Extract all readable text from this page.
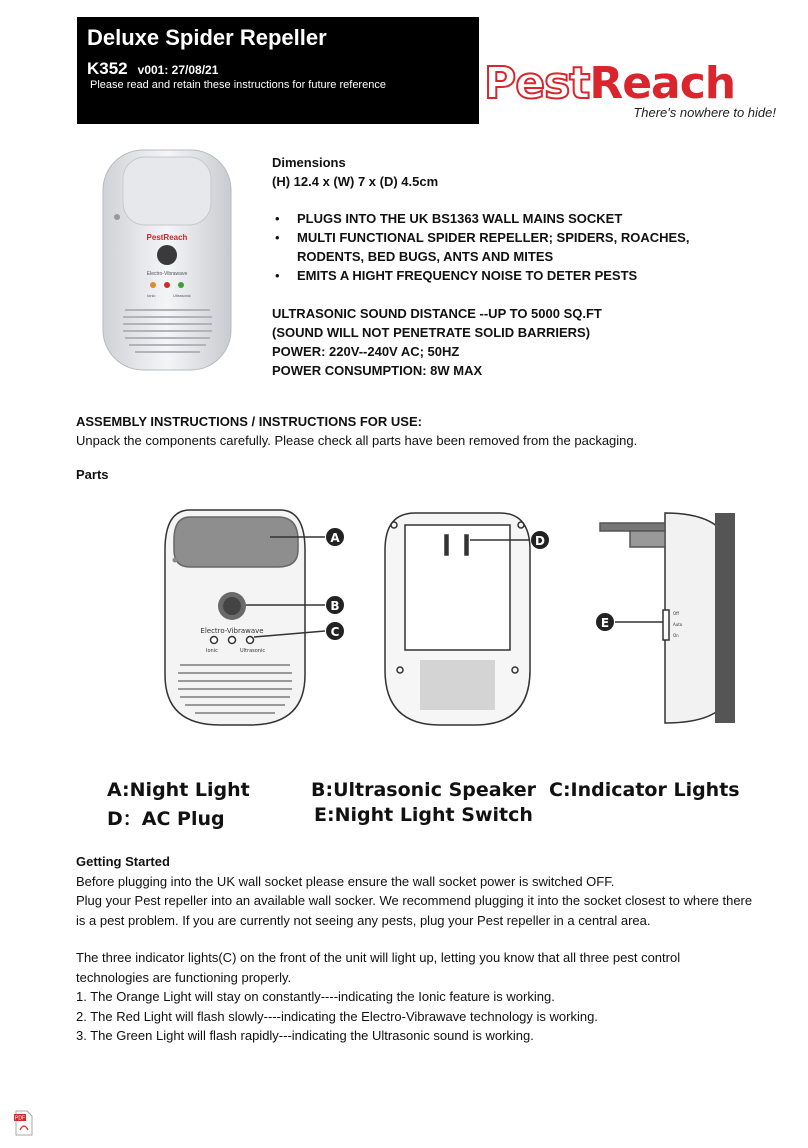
Deluxe Spider Repeller
K352 v001: 27/08/21
Please read and retain these instructions for future reference PestReach
There's nowhere to hide!
PestReach
Electro-Vibrawave
Ionic	Ultrasonic

Dimensions

(H) 12.4 x (W) 7 x (D) 4.5cm

• PLUGS INTO THE UK BS1363 WALL MAINS SOCKET
• MULTI FUNCTIONAL SPIDER REPELLER; SPIDERS, ROACHES, RODENTS, BED BUGS, ANTS AND MITES
• EMITS A HIGHT FREQUENCY NOISE TO DETER PESTS

ULTRASONIC SOUND DISTANCE --UP TO 5000 SQ.FT

(SOUND WILL NOT PENETRATE SOLID BARRIERS)

POWER: 220V--240V AC; 50HZ

POWER CONSUMPTION: 8W MAX

ASSEMBLY INSTRUCTIONS / INSTRUCTIONS FOR USE:
Unpack the components carefully. Please check all parts have been removed from the packaging.
Parts
Electro-Vibrawave
Ionic	Ultrasonic
A
B
C
D
Off
Auto
On
E
A:Night Light	B:Ultrasonic Speaker C:Indicator Lights
D：AC Plug	E:Night Light Switch

Getting Started

Before plugging into the UK wall socket please ensure the wall socket power is switched OFF.

Plug your Pest repeller into an available wall socker. We recommend plugging it into the socket closest to where there is a pest problem. If you are currently not seeing any pests, plug your Pest repeller in a central area.

The three indicator lights(C) on the front of the unit will light up, letting you know that all three pest control technologies are functioning properly.

1. The Orange Light will stay on constantly----indicating the Ionic feature is working.

2. The Red Light will flash slowly----indicating the Electro-Vibrawave technology is working.

3. The Green Light will flash rapidly---indicating the Ultrasonic sound is working.

PDF
